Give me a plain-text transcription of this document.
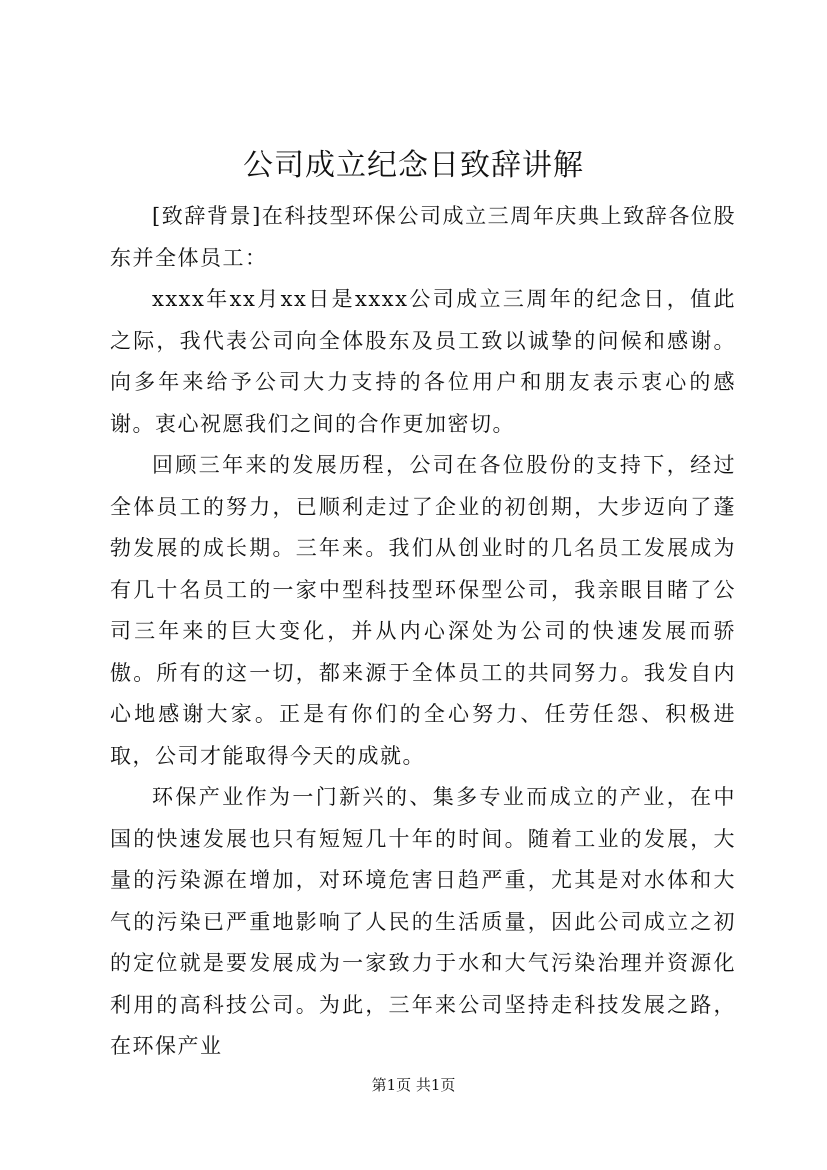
公司成立纪念日致辞讲解

[致辞背景]在科技型环保公司成立三周年庆典上致辞各位股东并全体员工：

xxxx年xx月xx日是xxxx公司成立三周年的纪念日，值此之际，我代表公司向全体股东及员工致以诚挚的问候和感谢。向多年来给予公司大力支持的各位用户和朋友表示衷心的感谢。衷心祝愿我们之间的合作更加密切。

回顾三年来的发展历程，公司在各位股份的支持下，经过全体员工的努力，已顺利走过了企业的初创期，大步迈向了蓬勃发展的成长期。三年来。我们从创业时的几名员工发展成为有几十名员工的一家中型科技型环保型公司，我亲眼目睹了公司三年来的巨大变化，并从内心深处为公司的快速发展而骄傲。所有的这一切，都来源于全体员工的共同努力。我发自内心地感谢大家。正是有你们的全心努力、任劳任怨、积极进取，公司才能取得今天的成就。

环保产业作为一门新兴的、集多专业而成立的产业，在中国的快速发展也只有短短几十年的时间。随着工业的发展，大量的污染源在增加，对环境危害日趋严重，尤其是对水体和大气的污染已严重地影响了人民的生活质量，因此公司成立之初的定位就是要发展成为一家致力于水和大气污染治理并资源化利用的高科技公司。为此，三年来公司坚持走科技发展之路，在环保产业

第1页 共1页
